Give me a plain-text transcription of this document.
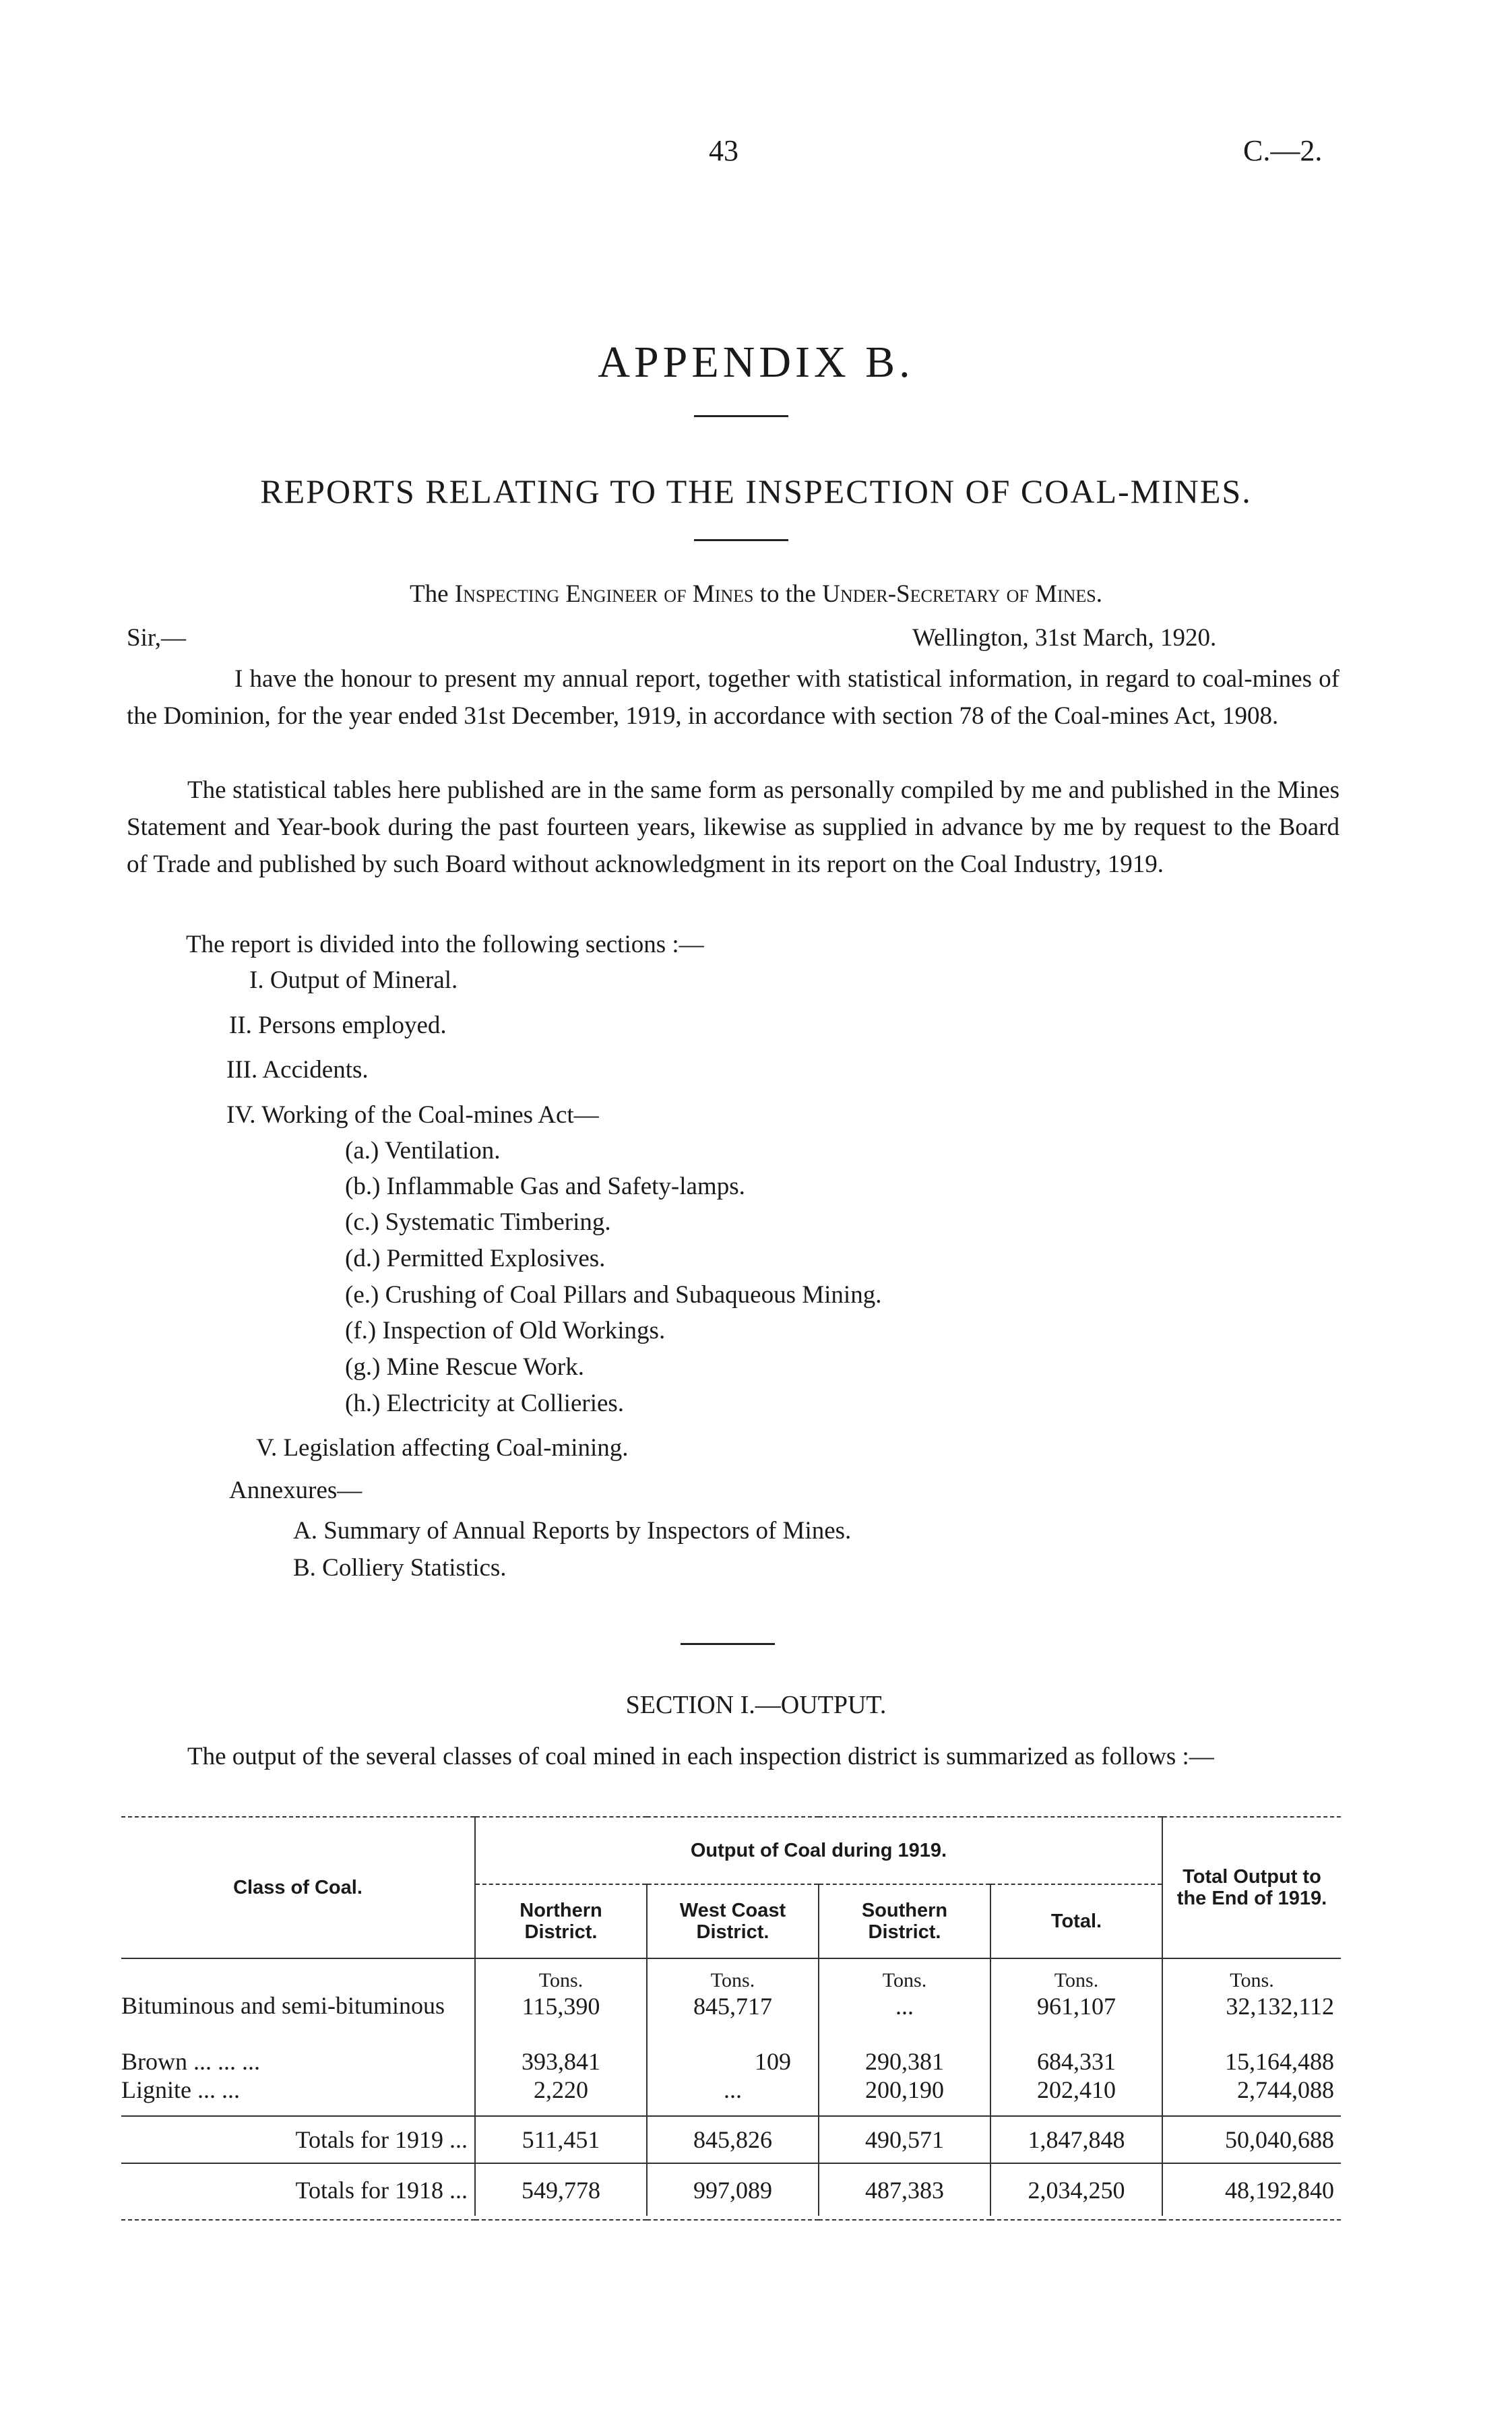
43	C.—2.
APPENDIX B.
REPORTS RELATING TO THE INSPECTION OF COAL-MINES.
The Inspecting Engineer of Mines to the Under-Secretary of Mines.
Sir,—	Wellington, 31st March, 1920.
I have the honour to present my annual report, together with statistical information, in regard to coal-mines of the Dominion, for the year ended 31st December, 1919, in accordance with section 78 of the Coal-mines Act, 1908.
The statistical tables here published are in the same form as personally compiled by me and published in the Mines Statement and Year-book during the past fourteen years, likewise as supplied in advance by me by request to the Board of Trade and published by such Board without acknowledgment in its report on the Coal Industry, 1919.
The report is divided into the following sections :—
I. Output of Mineral.
II. Persons employed.
III. Accidents.
IV. Working of the Coal-mines Act—
(a.) Ventilation.
(b.) Inflammable Gas and Safety-lamps.
(c.) Systematic Timbering.
(d.) Permitted Explosives.
(e.) Crushing of Coal Pillars and Subaqueous Mining.
(f.) Inspection of Old Workings.
(g.) Mine Rescue Work.
(h.) Electricity at Collieries.
V. Legislation affecting Coal-mining.
Annexures—
A. Summary of Annual Reports by Inspectors of Mines.
B. Colliery Statistics.
SECTION I.—OUTPUT.
The output of the several classes of coal mined in each inspection district is summarized as follows :—

Class of Coal.	Output of Coal during 1919.				Total Output to the End of 1919.
	Northern District.	West Coast District.	Southern District.	Total.	
	Tons.	Tons.	Tons.	Tons.	Tons.
Bituminous and semi-bituminous	115,390	845,717	...	961,107	32,132,112
Brown ... ... ...	393,841	109	290,381	684,331	15,164,488
Lignite ... ...	2,220	...	200,190	202,410	2,744,088
Totals for 1919 ...	511,451	845,826	490,571	1,847,848	50,040,688
Totals for 1918 ...	549,778	997,089	487,383	2,034,250	48,192,840
